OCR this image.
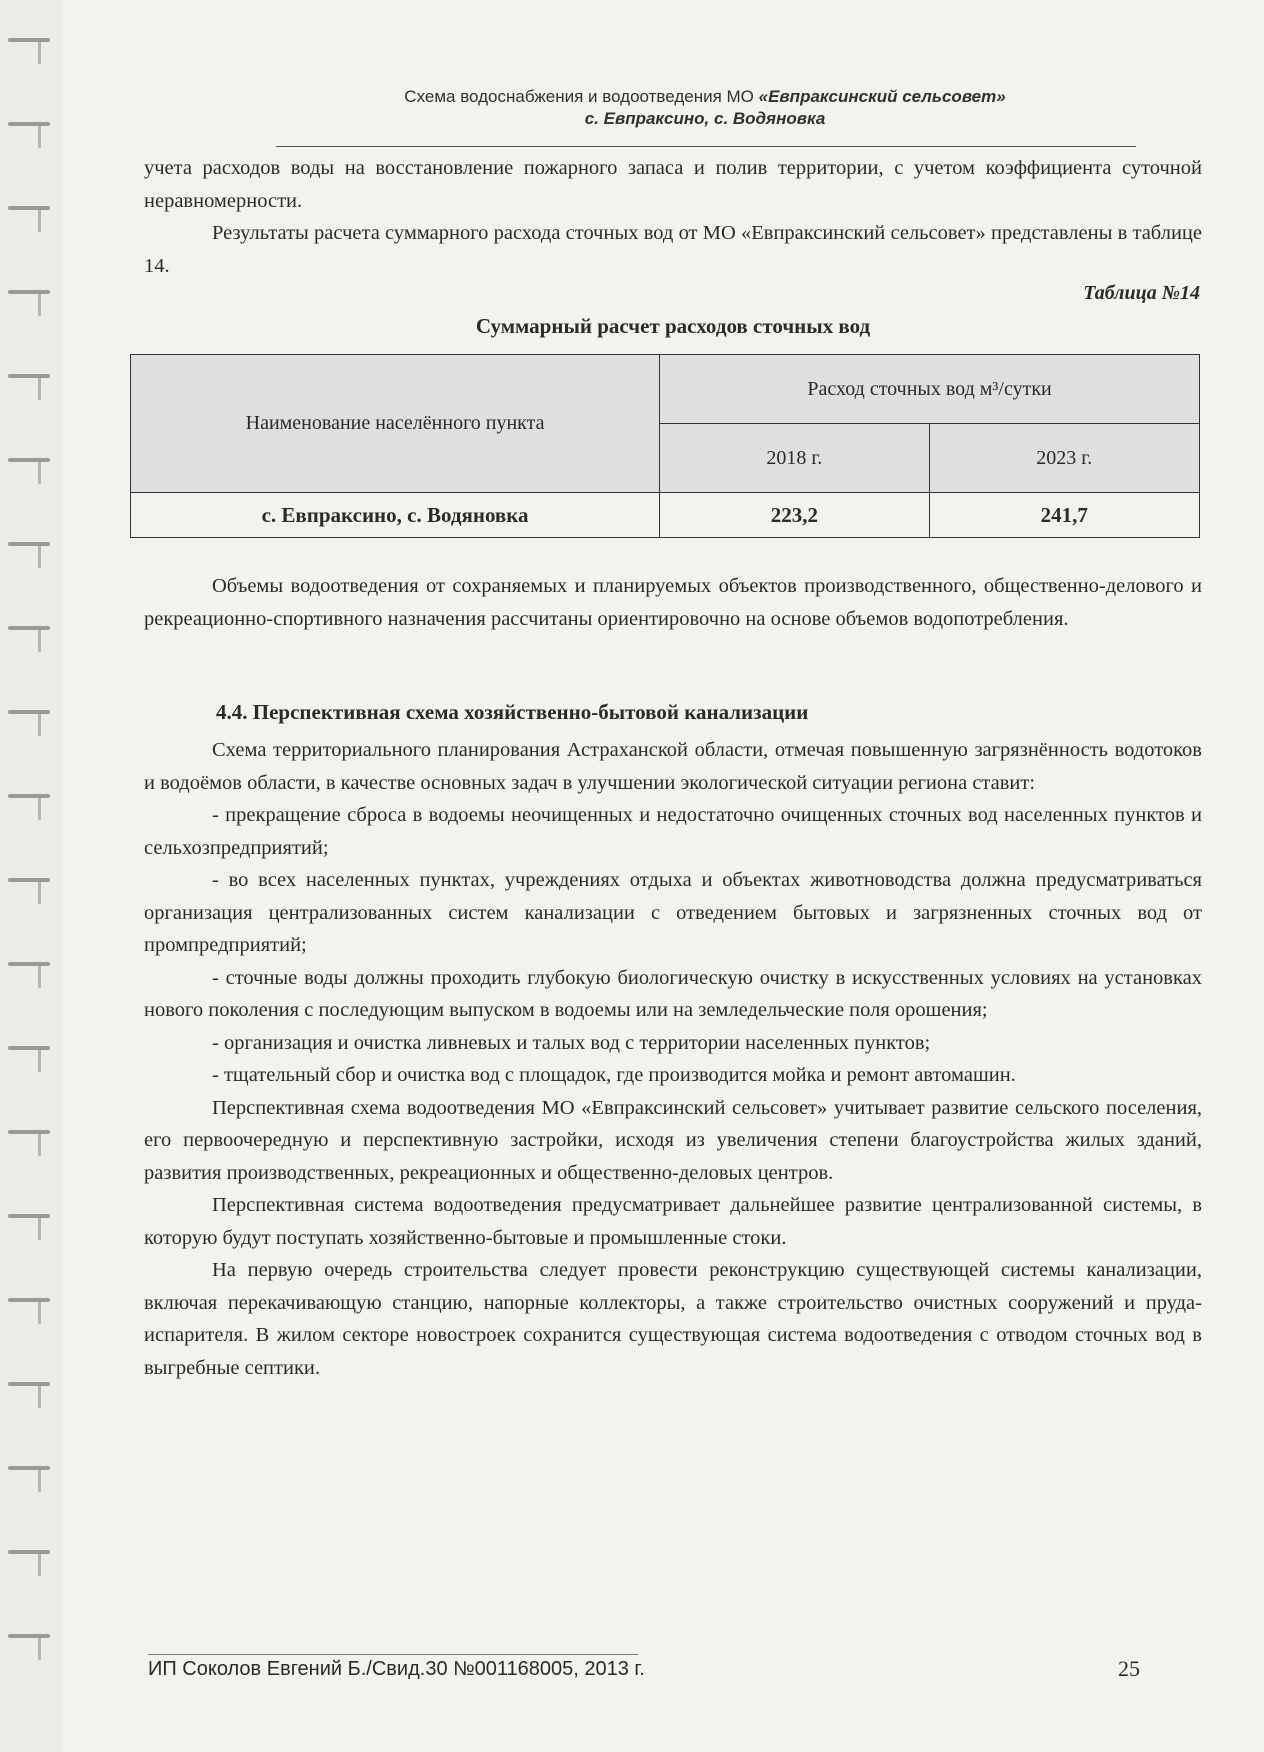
Схема водоснабжения и водоотведения МО «Евпраксинский сельсовет»
с. Евпраксино, с. Водяновка

учета расходов воды на восстановление пожарного запаса и полив территории, с учетом коэффициента суточной неравномерности.

Результаты расчета суммарного расхода сточных вод от МО «Евпраксинский сельсовет» представлены в таблице 14.

Таблица №14
Суммарный расчет расходов сточных вод
Наименование населённого пункта	Расход сточных вод м³/сутки	
	2018 г.	2023 г.
с. Евпраксино, с. Водяновка	223,2	241,7

Объемы водоотведения от сохраняемых и планируемых объектов производственного, общественно-делового и рекреационно-спортивного назначения рассчитаны ориентировочно на основе объемов водопотребления.

4.4. Перспективная схема хозяйственно-бытовой канализации

Схема территориального планирования Астраханской области, отмечая повышенную загрязнённость водотоков и водоёмов области, в качестве основных задач в улучшении экологической ситуации региона ставит:

- прекращение сброса в водоемы неочищенных и недостаточно очищенных сточных вод населенных пунктов и сельхозпредприятий;

- во всех населенных пунктах, учреждениях отдыха и объектах животноводства должна предусматриваться организация централизованных систем канализации с отведением бытовых и загрязненных сточных вод от промпредприятий;

- сточные воды должны проходить глубокую биологическую очистку в искусственных условиях на установках нового поколения с последующим выпуском в водоемы или на земледельческие поля орошения;

- организация и очистка ливневых и талых вод с территории населенных пунктов;

- тщательный сбор и очистка вод с площадок, где производится мойка и ремонт автомашин.

Перспективная схема водоотведения МО «Евпраксинский сельсовет» учитывает развитие сельского поселения, его первоочередную и перспективную застройки, исходя из увеличения степени благоустройства жилых зданий, развития производственных, рекреационных и общественно-деловых центров.

Перспективная система водоотведения предусматривает дальнейшее развитие централизованной системы, в которую будут поступать хозяйственно-бытовые и промышленные стоки.

На первую очередь строительства следует провести реконструкцию существующей системы канализации, включая перекачивающую станцию, напорные коллекторы, а также строительство очистных сооружений и пруда-испарителя. В жилом секторе новостроек сохранится существующая система водоотведения с отводом сточных вод в выгребные септики.

ИП Соколов Евгений Б./Свид.30 №001168005, 2013 г.	25
